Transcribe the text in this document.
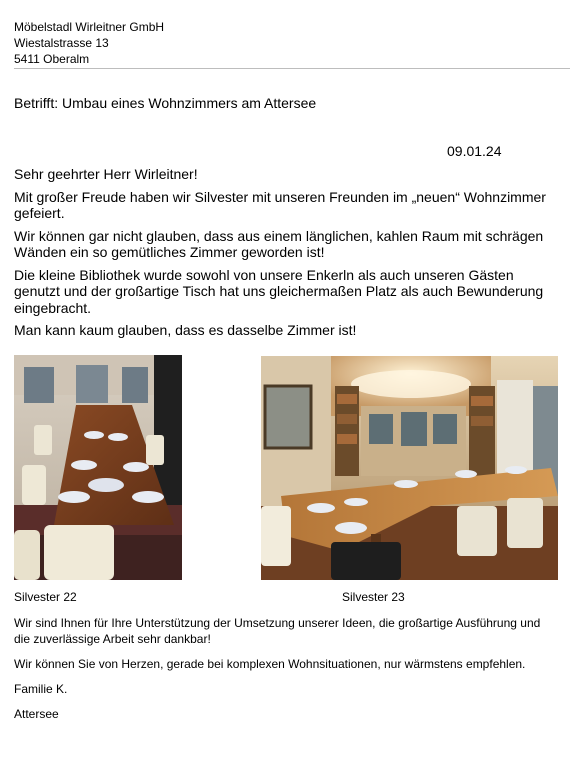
Möbelstadl Wirleitner GmbH
Wiestalstrasse 13
5411 Oberalm
Betrifft: Umbau eines Wohnzimmers am Attersee
09.01.24

Sehr geehrter Herr Wirleitner!

Mit großer Freude haben wir Silvester mit unseren Freunden im „neuen“ Wohnzimmer gefeiert.

Wir können gar nicht glauben, dass aus einem länglichen, kahlen Raum mit schrägen Wänden ein so gemütliches Zimmer geworden ist!

Die kleine Bibliothek wurde sowohl von unsere Enkerln als auch unseren Gästen genutzt und der großartige Tisch hat uns gleichermaßen Platz als auch Bewunderung eingebracht.

Man kann kaum glauben, dass es dasselbe Zimmer ist!

Silvester 22	Silvester 23

Wir sind Ihnen für Ihre Unterstützung der Umsetzung unserer Ideen, die großartige Ausführung und die zuverlässige Arbeit sehr dankbar!

Wir können Sie von Herzen, gerade bei komplexen Wohnsituationen, nur wärmstens empfehlen.

Familie K.

Attersee
